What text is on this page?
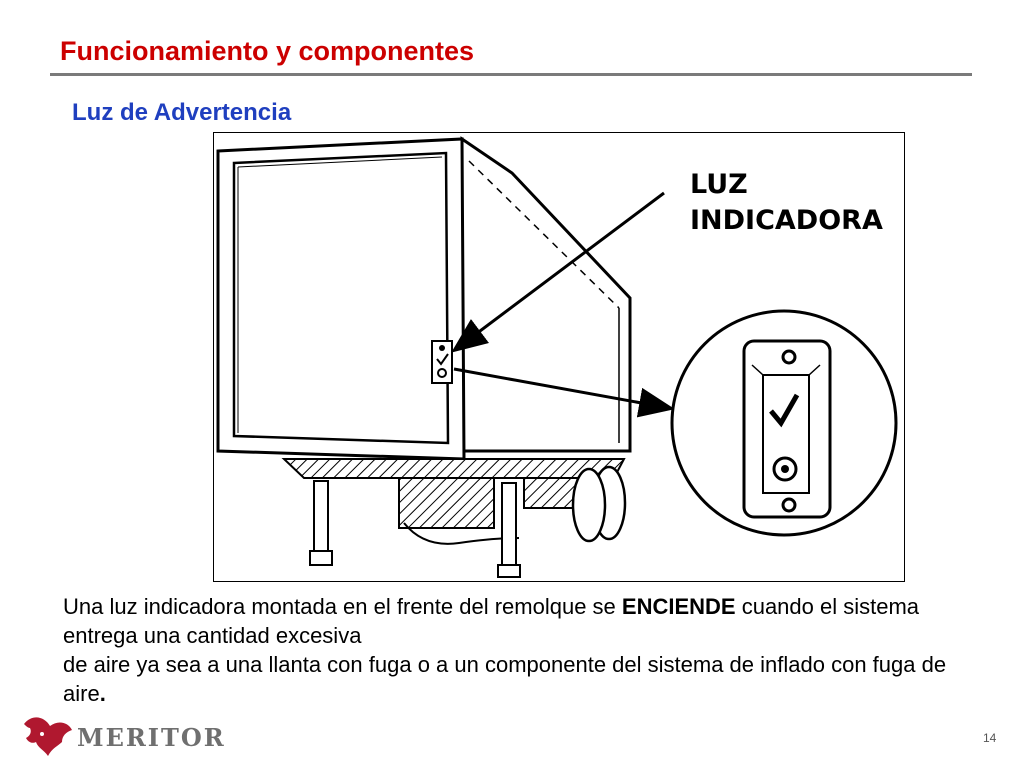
Funcionamiento y componentes
Luz de Advertencia
LUZ
INDICADORA

Una luz indicadora montada en el frente del remolque se ENCIENDE cuando el sistema entrega una cantidad excesiva
de aire ya sea a una llanta con fuga o a un componente del sistema de inflado con fuga de aire.

MERITOR	14
